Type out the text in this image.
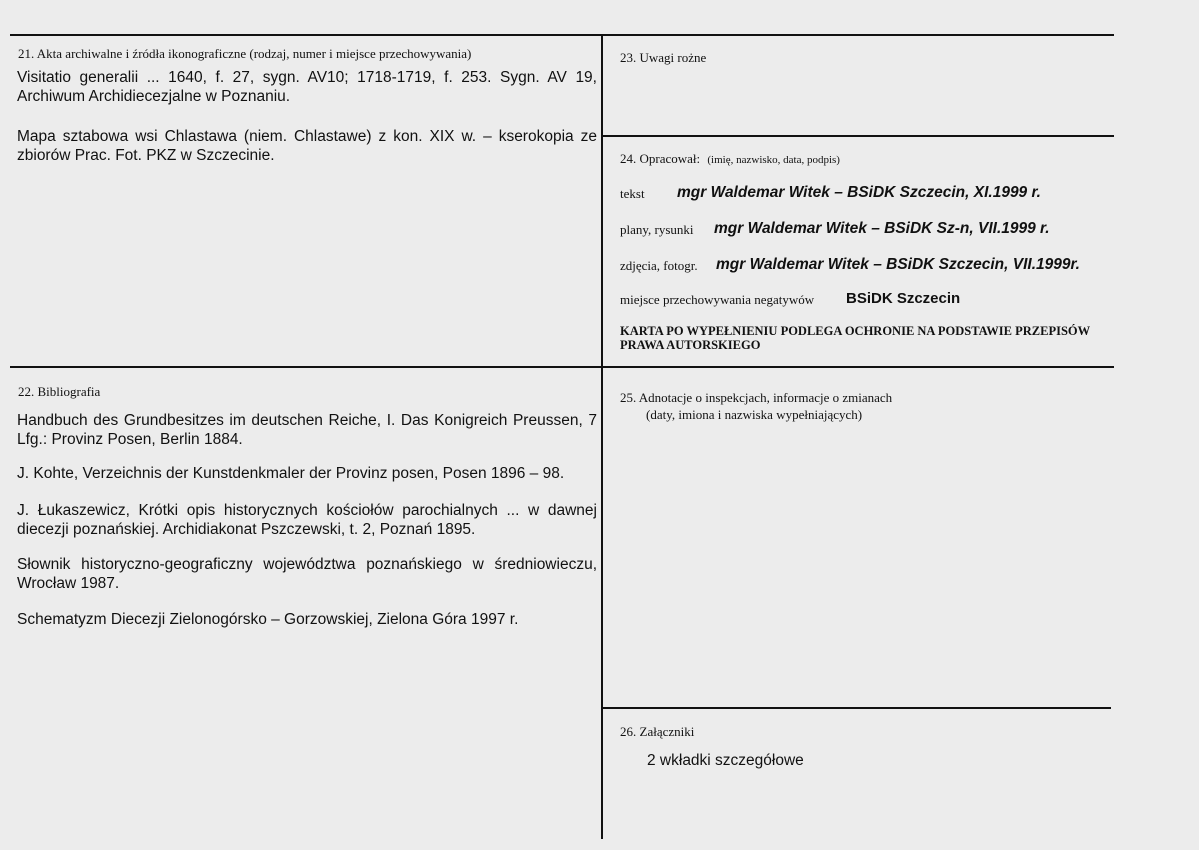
21. Akta archiwalne i źródła ikonograficzne (rodzaj, numer i miejsce przechowywania)
Visitatio generalii ... 1640, f. 27, sygn. AV10; 1718-1719, f. 253. Sygn. AV 19, Archiwum Archidiecezjalne w Poznaniu.
Mapa sztabowa wsi Chlastawa (niem. Chlastawe) z kon. XIX w. – kserokopia ze zbiorów Prac. Fot. PKZ w Szczecinie.
22. Bibliografia
Handbuch des Grundbesitzes im deutschen Reiche, I. Das Konigreich Preussen, 7 Lfg.: Provinz Posen, Berlin 1884.
J. Kohte, Verzeichnis der Kunstdenkmaler der Provinz posen, Posen 1896 – 98.
J. Łukaszewicz, Krótki opis historycznych kościołów parochialnych ... w dawnej diecezji poznańskiej. Archidiakonat Pszczewski, t. 2, Poznań 1895.
Słownik historyczno-geograficzny województwa poznańskiego w średniowieczu, Wrocław 1987.
Schematyzm Diecezji Zielonogórsko – Gorzowskiej, Zielona Góra 1997 r.
23. Uwagi rożne
24. Opracował: (imię, nazwisko, data, podpis)
tekst mgr Waldemar Witek – BSiDK Szczecin, XI.1999 r.
plany, rysunki mgr Waldemar Witek – BSiDK Sz-n, VII.1999 r.
zdjęcia, fotogr. mgr Waldemar Witek – BSiDK Szczecin, VII.1999r.
miejsce przechowywania negatywów BSiDK Szczecin
KARTA PO WYPEŁNIENIU PODLEGA OCHRONIE NA PODSTAWIE PRZEPISÓW
PRAWA AUTORSKIEGO
25. Adnotacje o inspekcjach, informacje o zmianach
(daty, imiona i nazwiska wypełniających)
26. Załączniki
2 wkładki szczegółowe
